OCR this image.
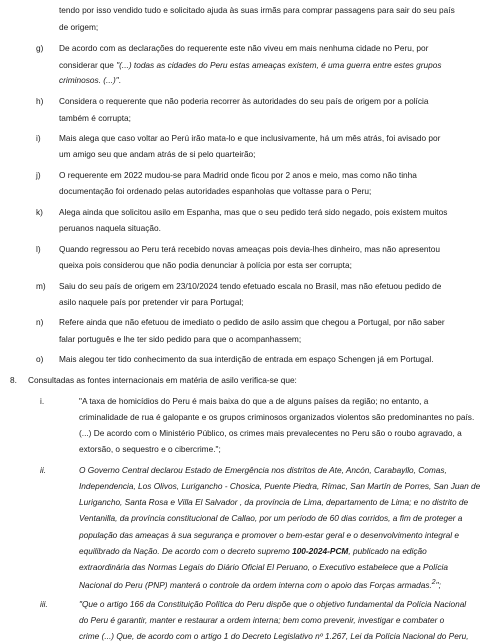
tendo por isso vendido tudo e solicitado ajuda às suas irmãs para comprar passagens para sair do seu país
de origem;
g) De acordo com as declarações do requerente este não viveu em mais nenhuma cidade no Peru, por
considerar que "(...) todas as cidades do Peru estas ameaças existem, é uma guerra entre estes grupos
criminosos. (...)".
h) Considera o requerente que não poderia recorrer às autoridades do seu país de origem por a polícia
também é corrupta;
i) Mais alega que caso voltar ao Perú irão mata-lo e que inclusivamente, há um mês atrás, foi avisado por
um amigo seu que andam atrás de si pelo quarteirão;
j) O requerente em 2022 mudou-se para Madrid onde ficou por 2 anos e meio, mas como não tinha
documentação foi ordenado pelas autoridades espanholas que voltasse para o Peru;
k) Alega ainda que solicitou asilo em Espanha, mas que o seu pedido terá sido negado, pois existem muitos
peruanos naquela situação.
l) Quando regressou ao Peru terá recebido novas ameaças pois devia-lhes dinheiro, mas não apresentou
queixa pois considerou que não podia denunciar à polícia por esta ser corrupta;
m) Saiu do seu país de origem em 23/10/2024 tendo efetuado escala no Brasil, mas não efetuou pedido de
asilo naquele país por pretender vir para Portugal;
n) Refere ainda que não efetuou de imediato o pedido de asilo assim que chegou a Portugal, por não saber
falar português e lhe ter sido pedido para que o acompanhassem;
o) Mais alegou ter tido conhecimento da sua interdição de entrada em espaço Schengen já em Portugal.
8. Consultadas as fontes internacionais em matéria de asilo verifica-se que:
i.	"A taxa de homicídios do Peru é mais baixa do que a de alguns países da região; no entanto, a
criminalidade de rua é galopante e os grupos criminosos organizados violentos são predominantes no país.
(...) De acordo com o Ministério Público, os crimes mais prevalecentes no Peru são o roubo agravado, a
extorsão, o sequestro e o cibercrime.";
ii.	O Governo Central declarou Estado de Emergência nos distritos de Ate, Ancón, Carabayllo, Comas,
Independencia, Los Olivos, Lurigancho - Chosica, Puente Piedra, Rímac, San Martín de Porres, San Juan de
Lurigancho, Santa Rosa e Villa El Salvador , da província de Lima, departamento de Lima; e no distrito de
Ventanilla, da província constitucional de Callao, por um período de 60 dias corridos, a fim de proteger a
população das ameaças à sua segurança e promover o bem-estar geral e o desenvolvimento integral e
equilibrado da Nação. De acordo com o decreto supremo 100-2024-PCM, publicado na edição
extraordinária das Normas Legais do Diário Oficial El Peruano, o Executivo estabelece que a Polícia
Nacional do Peru (PNP) manterá o controle da ordem interna com o apoio das Forças armadas.$^2$";
iii.	"Que o artigo 166 da Constituição Política do Peru dispõe que o objetivo fundamental da Polícia Nacional
do Peru é garantir, manter e restaurar a ordem interna; bem como prevenir, investigar e combater o
crime (...) Que, de acordo com o artigo 1 do Decreto Legislativo nº 1.267, Lei da Polícia Nacional do Peru,
